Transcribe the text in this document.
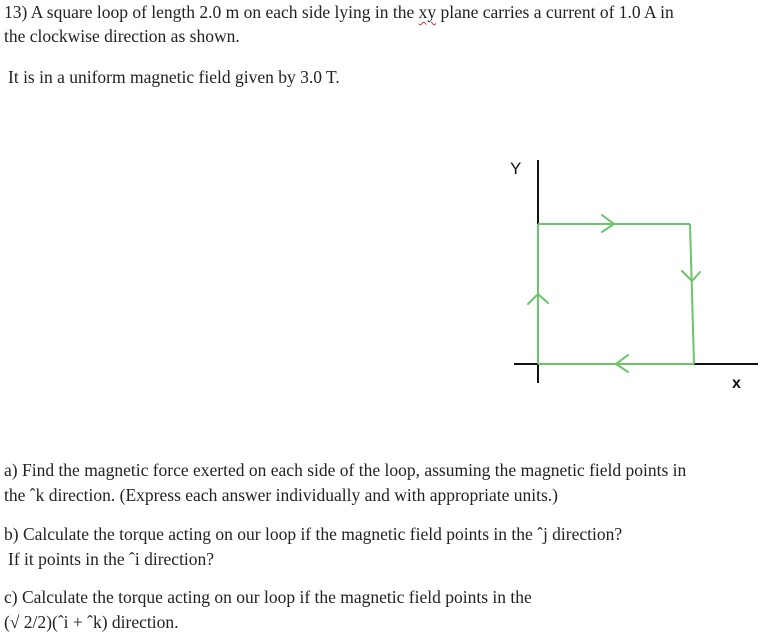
13) A square loop of length 2.0 m on each side lying in the xy plane carries a current of 1.0 A in
the clockwise direction as shown.
It is in a uniform magnetic field given by 3.0 T.
Y
x
a) Find the magnetic force exerted on each side of the loop, assuming the magnetic field points in
the ˆk direction. (Express each answer individually and with appropriate units.)
b) Calculate the torque acting on our loop if the magnetic field points in the ˆj direction?
If it points in the ˆi direction?
c) Calculate the torque acting on our loop if the magnetic field points in the
(√ 2/2)(ˆi + ˆk) direction.
